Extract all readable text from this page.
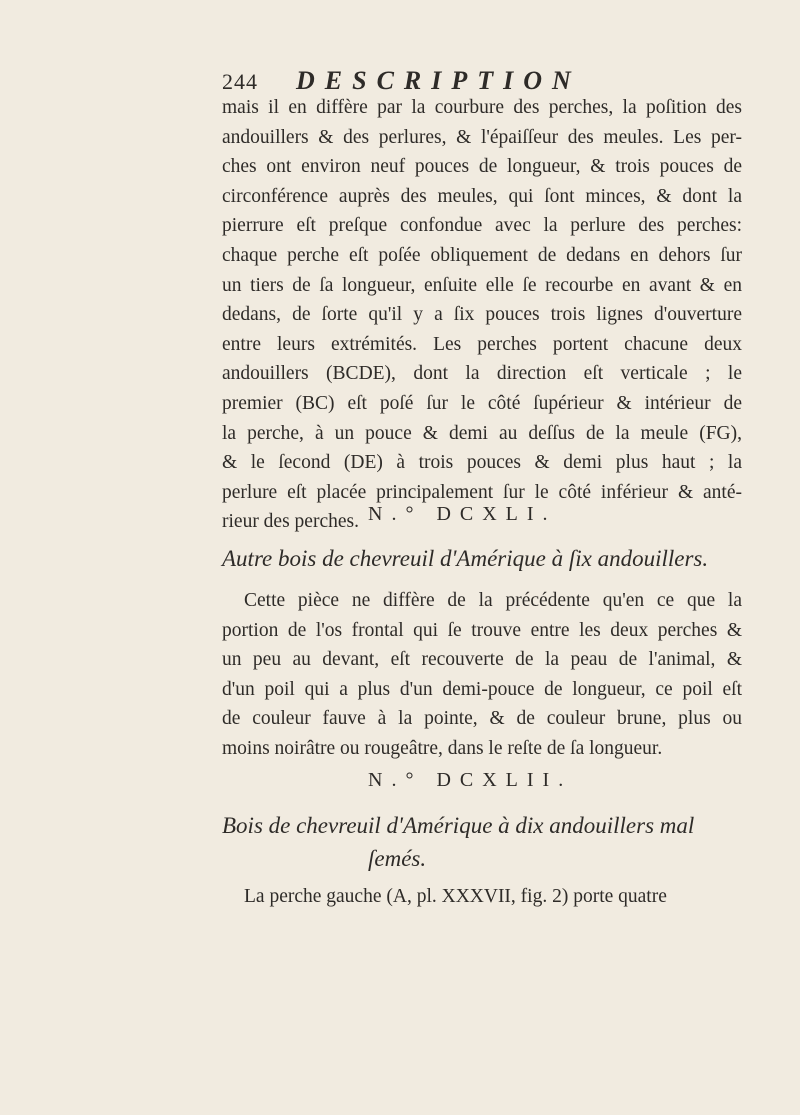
244 DESCRIPTION
mais il en diffère par la courbure des perches, la poſition des
andouillers & des perlures, & l'épaiſſeur des meules. Les per-
ches ont environ neuf pouces de longueur, & trois pouces de
circonférence auprès des meules, qui ſont minces, & dont la
pierrure eſt preſque confondue avec la perlure des perches:
chaque perche eſt poſée obliquement de dedans en dehors ſur
un tiers de ſa longueur, enſuite elle ſe recourbe en avant & en
dedans, de ſorte qu'il y a ſix pouces trois lignes d'ouverture
entre leurs extrémités. Les perches portent chacune deux
andouillers (BCDE), dont la direction eſt verticale ; le
premier (BC) eſt poſé ſur le côté ſupérieur & intérieur de
la perche, à un pouce & demi au deſſus de la meule (FG),
& le ſecond (DE) à trois pouces & demi plus haut ; la
perlure eſt placée principalement ſur le côté inférieur & anté-
rieur des perches. N.° DCXLI.
Autre bois de chevreuil d'Amérique à ſix andouillers.
Cette pièce ne diffère de la précédente qu'en ce que la
portion de l'os frontal qui ſe trouve entre les deux perches &
un peu au devant, eſt recouverte de la peau de l'animal, &
d'un poil qui a plus d'un demi-pouce de longueur, ce poil eſt
de couleur fauve à la pointe, & de couleur brune, plus ou
moins noirâtre ou rougeâtre, dans le reſte de ſa longueur.
N.° DCXLII.
Bois de chevreuil d'Amérique à dix andouillers mal
ſemés.
La perche gauche (A, pl. XXXVII, fig. 2) porte quatre
